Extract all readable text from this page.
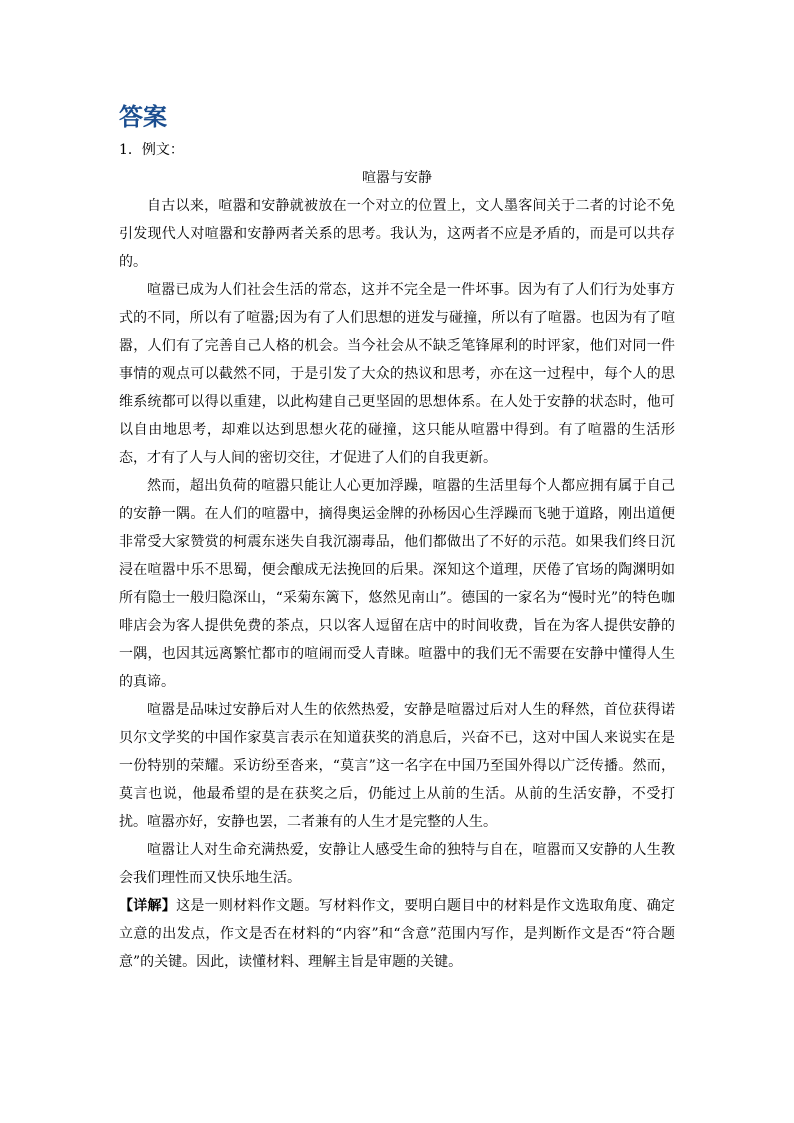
答案

1．例文：

喧嚣与安静

自古以来，喧嚣和安静就被放在一个对立的位置上，文人墨客间关于二者的讨论不免引发现代人对喧嚣和安静两者关系的思考。我认为，这两者不应是矛盾的，而是可以共存的。

喧嚣已成为人们社会生活的常态，这并不完全是一件坏事。因为有了人们行为处事方式的不同，所以有了喧嚣;因为有了人们思想的迸发与碰撞，所以有了喧嚣。也因为有了喧嚣，人们有了完善自己人格的机会。当今社会从不缺乏笔锋犀利的时评家，他们对同一件事情的观点可以截然不同，于是引发了大众的热议和思考，亦在这一过程中，每个人的思维系统都可以得以重建，以此构建自己更坚固的思想体系。在人处于安静的状态时，他可以自由地思考，却难以达到思想火花的碰撞，这只能从喧嚣中得到。有了喧嚣的生活形态，才有了人与人间的密切交往，才促进了人们的自我更新。

然而，超出负荷的喧嚣只能让人心更加浮躁，喧嚣的生活里每个人都应拥有属于自己的安静一隅。在人们的喧嚣中，摘得奥运金牌的孙杨因心生浮躁而飞驰于道路，刚出道便非常受大家赞赏的柯震东迷失自我沉溺毒品，他们都做出了不好的示范。如果我们终日沉浸在喧嚣中乐不思蜀，便会酿成无法挽回的后果。深知这个道理，厌倦了官场的陶渊明如所有隐士一般归隐深山，“采菊东篱下，悠然见南山”。德国的一家名为“慢时光”的特色咖啡店会为客人提供免费的茶点，只以客人逗留在店中的时间收费，旨在为客人提供安静的一隅，也因其远离繁忙都市的喧闹而受人青睐。喧嚣中的我们无不需要在安静中懂得人生的真谛。

喧嚣是品味过安静后对人生的依然热爱，安静是喧嚣过后对人生的释然，首位获得诺贝尔文学奖的中国作家莫言表示在知道获奖的消息后，兴奋不已，这对中国人来说实在是一份特别的荣耀。采访纷至沓来，“莫言”这一名字在中国乃至国外得以广泛传播。然而，莫言也说，他最希望的是在获奖之后，仍能过上从前的生活。从前的生活安静，不受打扰。喧嚣亦好，安静也罢，二者兼有的人生才是完整的人生。

喧嚣让人对生命充满热爱，安静让人感受生命的独特与自在，喧嚣而又安静的人生教会我们理性而又快乐地生活。

【详解】这是一则材料作文题。写材料作文，要明白题目中的材料是作文选取角度、确定立意的出发点，作文是否在材料的“内容”和“含意”范围内写作，是判断作文是否“符合题意”的关键。因此，读懂材料、理解主旨是审题的关键。
